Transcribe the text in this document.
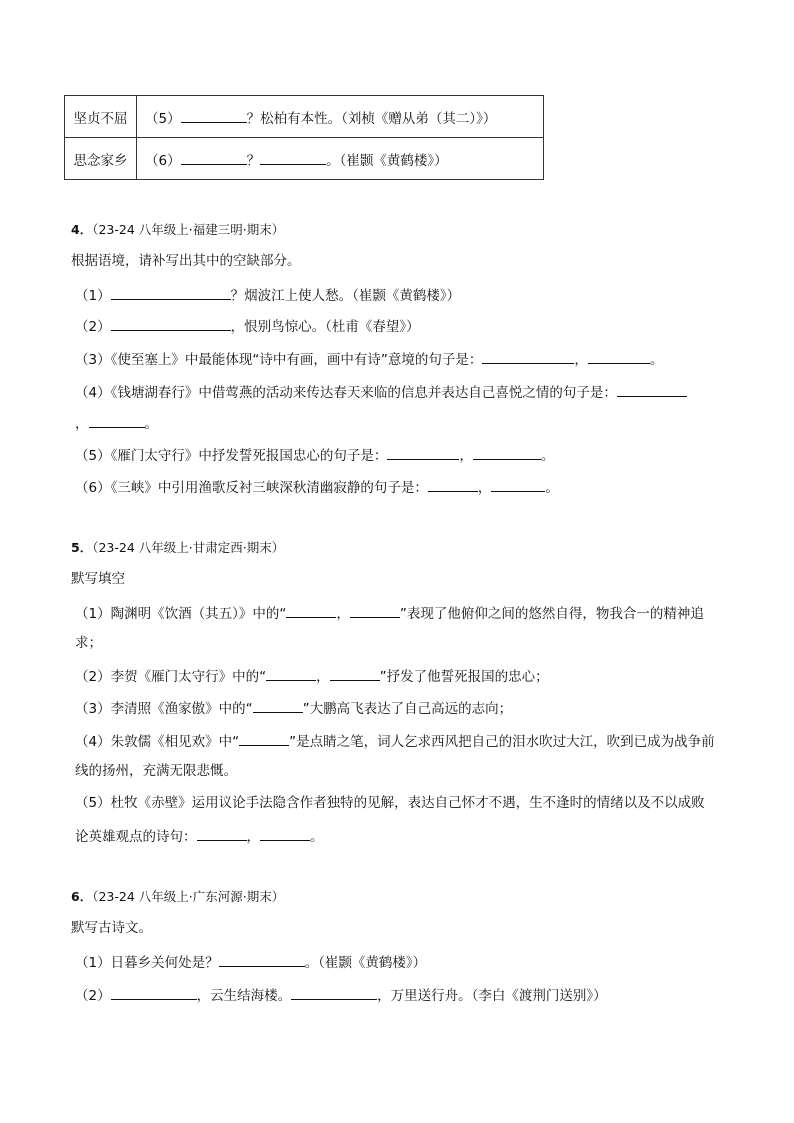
坚贞不屈	（5） ？松柏有本性。（刘桢《赠从弟（其二）》）
思念家乡	（6） ？ 。（崔颢《黄鹤楼》）
4．（23-24 八年级上·福建三明·期末）
根据语境，请补写出其中的空缺部分。
（1）	？烟波江上使人愁。（崔颢《黄鹤楼》）
（2）	，恨别鸟惊心。（杜甫《春望》）
（3）《使至塞上》中最能体现“诗中有画，画中有诗”意境的句子是：	，	。
（4）《钱塘湖春行》中借莺燕的活动来传达春天来临的信息并表达自己喜悦之情的句子是：
，	。
（5）《雁门太守行》中抒发誓死报国忠心的句子是：	，	。
（6）《三峡》中引用渔歌反衬三峡深秋清幽寂静的句子是：	，	。
5．（23-24 八年级上·甘肃定西·期末）
默写填空
（1）陶渊明《饮酒（其五）》中的“	，	”表现了他俯仰之间的悠然自得，物我合一的精神追
求；
（2）李贺《雁门太守行》中的“	，	”抒发了他誓死报国的忠心；
（3）李清照《渔家傲》中的“	”大鹏高飞表达了自己高远的志向；
（4）朱敦儒《相见欢》中“	”是点睛之笔，词人乞求西风把自己的泪水吹过大江，吹到已成为战争前
线的扬州，充满无限悲慨。
（5）杜牧《赤壁》运用议论手法隐含作者独特的见解，表达自己怀才不遇，生不逢时的情绪以及不以成败
论英雄观点的诗句：	，	。
6．（23-24 八年级上·广东河源·期末）
默写古诗文。
（1）日暮乡关何处是？	。（崔颢《黄鹤楼》）
（2）	，云生结海楼。	，万里送行舟。（李白《渡荆门送别》）
